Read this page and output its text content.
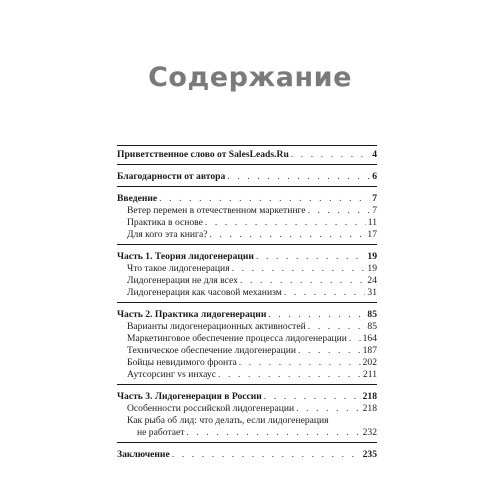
Содержание
Приветственное слово от SalesLeads.Ru . . .	4
Благодарности от автора . . .	6
Введение . . .	7
Ветер перемен в отечественном маркетинге . . .	7
Практика в основе . . .	11
Для кого эта книга? . . .	17
Часть 1. Теория лидогенерации . . .	19
Что такое лидогенерация . . .	19
Лидогенерация не для всех . . .	24
Лидогенерация как часовой механизм . . .	31
Часть 2. Практика лидогенерации . . .	85
Варианты лидогенерационных активностей . . .	85
Маркетинговое обеспечение процесса лидогенерации . . . 164
Техническое обеспечение лидогенерации . . .	187
Бойцы невидимого фронта . . .	202
Аутсорсинг vs инхаус . . .	211
Часть 3. Лидогенерация в России . . .	218
Особенности российской лидогенерации . . .	218
Как рыба об лид: что делать, если лидогенерация
не работает . . .	232
Заключение . . .	235
